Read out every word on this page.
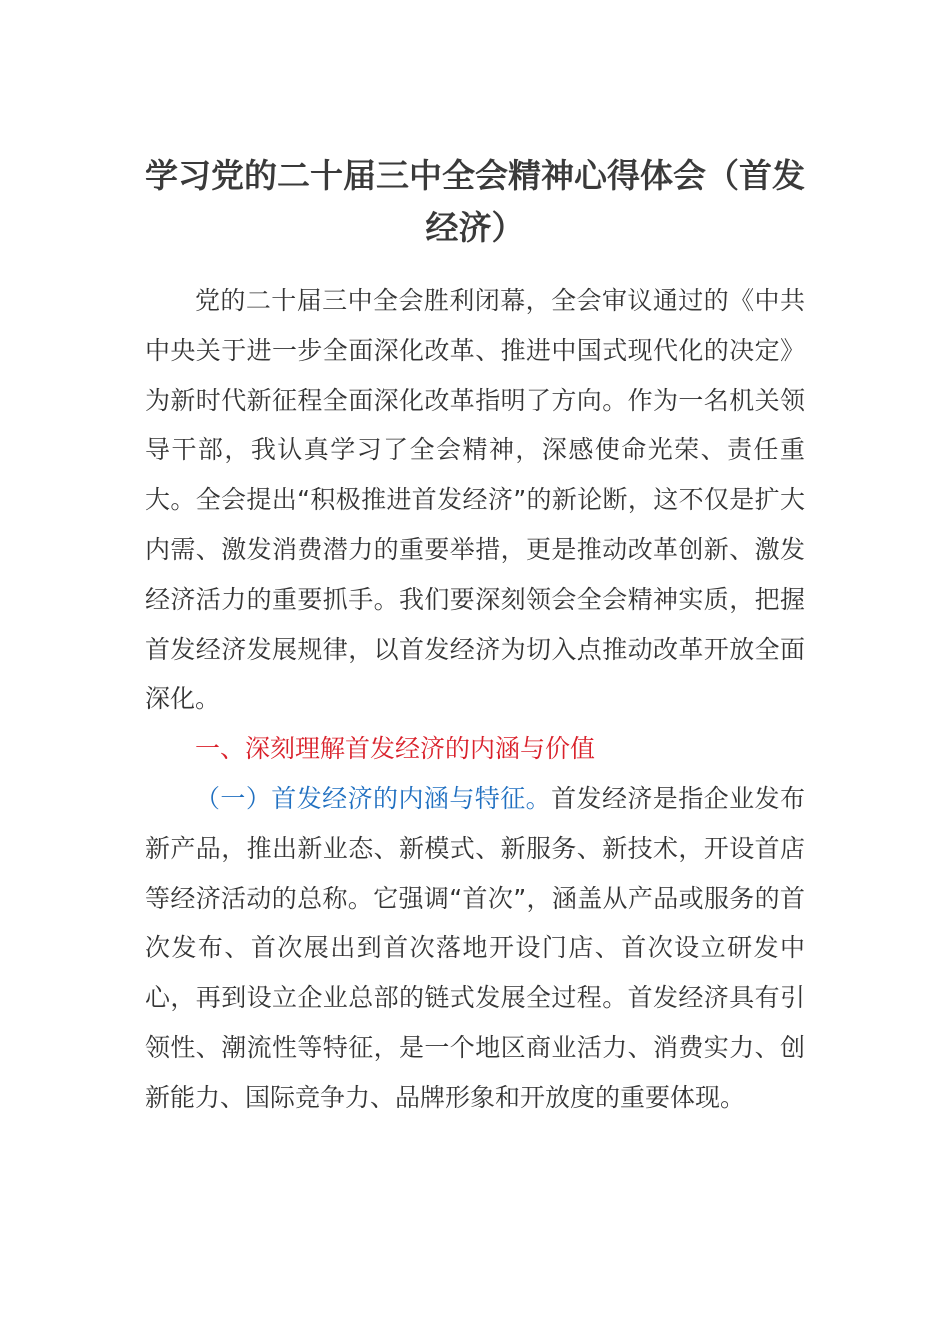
学习党的二十届三中全会精神心得体会（首发经济）

党的二十届三中全会胜利闭幕，全会审议通过的《中共中央关于进一步全面深化改革、推进中国式现代化的决定》为新时代新征程全面深化改革指明了方向。作为一名机关领导干部，我认真学习了全会精神，深感使命光荣、责任重大。全会提出“积极推进首发经济”的新论断，这不仅是扩大内需、激发消费潜力的重要举措，更是推动改革创新、激发经济活力的重要抓手。我们要深刻领会全会精神实质，把握首发经济发展规律，以首发经济为切入点推动改革开放全面深化。

一、深刻理解首发经济的内涵与价值

（一）首发经济的内涵与特征。首发经济是指企业发布新产品，推出新业态、新模式、新服务、新技术，开设首店等经济活动的总称。它强调“首次”，涵盖从产品或服务的首次发布、首次展出到首次落地开设门店、首次设立研发中心，再到设立企业总部的链式发展全过程。首发经济具有引领性、潮流性等特征，是一个地区商业活力、消费实力、创新能力、国际竞争力、品牌形象和开放度的重要体现。
